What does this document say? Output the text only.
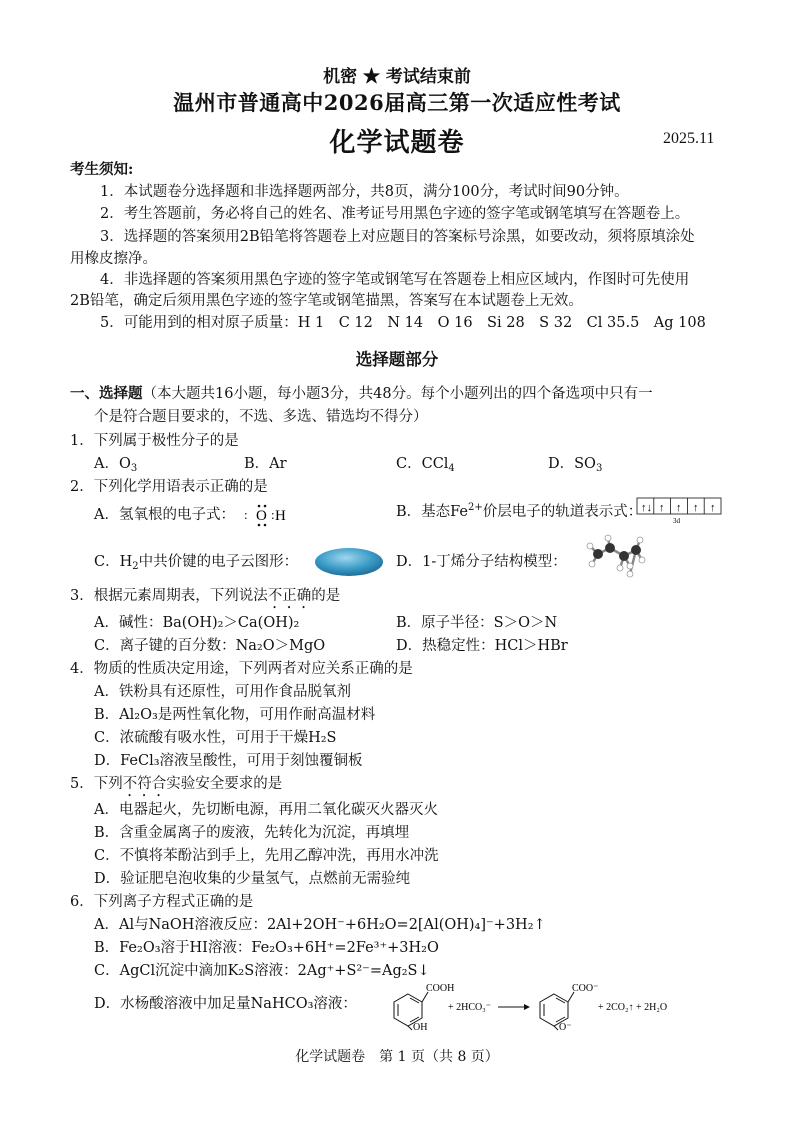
机密 ★ 考试结束前
温州市普通高中2026届高三第一次适应性考试
化学试题卷	2025.11
考生须知:
1．本试题卷分选择题和非选择题两部分，共8页，满分100分，考试时间90分钟。
2．考生答题前，务必将自己的姓名、准考证号用黑色字迹的签字笔或钢笔填写在答题卷上。
3．选择题的答案须用2B铅笔将答题卷上对应题目的答案标号涂黑，如要改动，须将原填涂处
用橡皮擦净。
4．非选择题的答案须用黑色字迹的签字笔或钢笔写在答题卷上相应区域内，作图时可先使用
2B铅笔，确定后须用黑色字迹的签字笔或钢笔描黑，答案写在本试题卷上无效。
5．可能用到的相对原子质量：H 1　C 12　N 14　O 16　Si 28　S 32　Cl 35.5　Ag 108
选择题部分
一、选择题（本大题共16小题，每小题3分，共48分。每个小题列出的四个备选项中只有一
个是符合题目要求的，不选、多选、错选均不得分）
1．下列属于极性分子的是
A．$O_3$	B．Ar	C．CCl$_4$	D．$SO_3$
2．下列化学用语表示正确的是
A．氢氧根的电子式： : O : H	B．基态$Fe^{2+}$价层电子的轨道表示式：
↑↓ ↑ ↑ ↑ ↑
3d
C．$H_2$中共价键的电子云图形：	D．1-丁烯分子结构模型：
3．根据元素周期表，下列说法不正确的是
A．碱性：Ba(OH)₂＞Ca(OH)₂	B．原子半径：S＞O＞N
C．离子键的百分数：Na₂O＞MgO	D．热稳定性：HCl＞HBr
4．物质的性质决定用途，下列两者对应关系正确的是
A．铁粉具有还原性，可用作食品脱氧剂
B．Al₂O₃是两性氧化物，可用作耐高温材料
C．浓硫酸有吸水性，可用于干燥H₂S
D．FeCl₃溶液呈酸性，可用于刻蚀覆铜板
5．下列不符合实验安全要求的是
A．电器起火，先切断电源，再用二氧化碳灭火器灭火
B．含重金属离子的废液，先转化为沉淀，再填埋
C．不慎将苯酚沾到手上，先用乙醇冲洗，再用水冲洗
D．验证肥皂泡收集的少量氢气，点燃前无需验纯
6．下列离子方程式正确的是
A．Al与NaOH溶液反应：2Al+2OH⁻+6H₂O=2[Al(OH)₄]⁻+3H₂↑
B．Fe₂O₃溶于HI溶液：Fe₂O₃+6H⁺=2Fe³⁺+3H₂O
C．AgCl沉淀中滴加K₂S溶液：2Ag⁺+S²⁻=Ag₂S↓
D．水杨酸溶液中加足量NaHCO₃溶液：
COOH
OH
+ 2HCO₃⁻
COO⁻
O⁻
+ 2CO₂↑ + 2H₂O
化学试题卷　第 1 页（共 8 页）
